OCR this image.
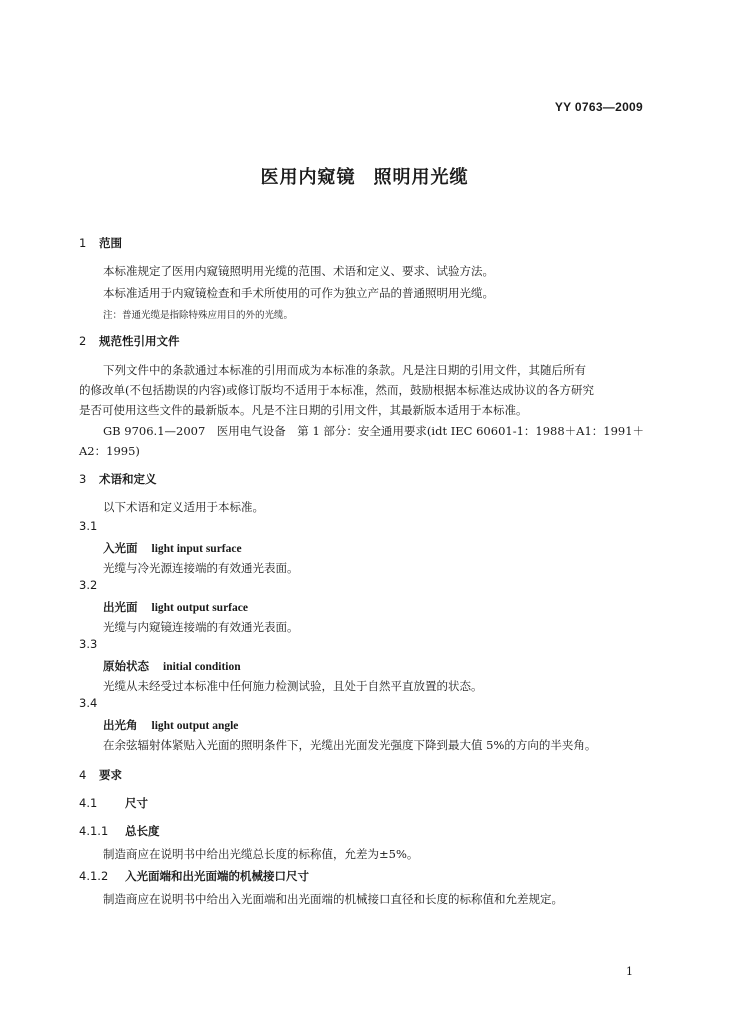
YY 0763—2009
医用内窥镜 照明用光缆
1 范围
本标准规定了医用内窥镜照明用光缆的范围、术语和定义、要求、试验方法。
本标准适用于内窥镜检查和手术所使用的可作为独立产品的普通照明用光缆。
注：普通光缆是指除特殊应用目的外的光缆。
2 规范性引用文件
下列文件中的条款通过本标准的引用而成为本标准的条款。凡是注日期的引用文件，其随后所有
的修改单(不包括勘误的内容)或修订版均不适用于本标准，然而，鼓励根据本标准达成协议的各方研究
是否可使用这些文件的最新版本。凡是不注日期的引用文件，其最新版本适用于本标准。
GB 9706.1—2007　医用电气设备　第 1 部分：安全通用要求(idt IEC 60601-1：1988＋A1：1991＋
A2：1995)
3 术语和定义
以下术语和定义适用于本标准。
3.1
入光面 light input surface
光缆与冷光源连接端的有效通光表面。
3.2
出光面 light output surface
光缆与内窥镜连接端的有效通光表面。
3.3
原始状态 initial condition
光缆从未经受过本标准中任何施力检测试验，且处于自然平直放置的状态。
3.4
出光角 light output angle
在余弦辐射体紧贴入光面的照明条件下，光缆出光面发光强度下降到最大值 5%的方向的半夹角。
4 要求
4.1 尺寸
4.1.1 总长度
制造商应在说明书中给出光缆总长度的标称值，允差为±5%。
4.1.2 入光面端和出光面端的机械接口尺寸
制造商应在说明书中给出入光面端和出光面端的机械接口直径和长度的标称值和允差规定。
1
